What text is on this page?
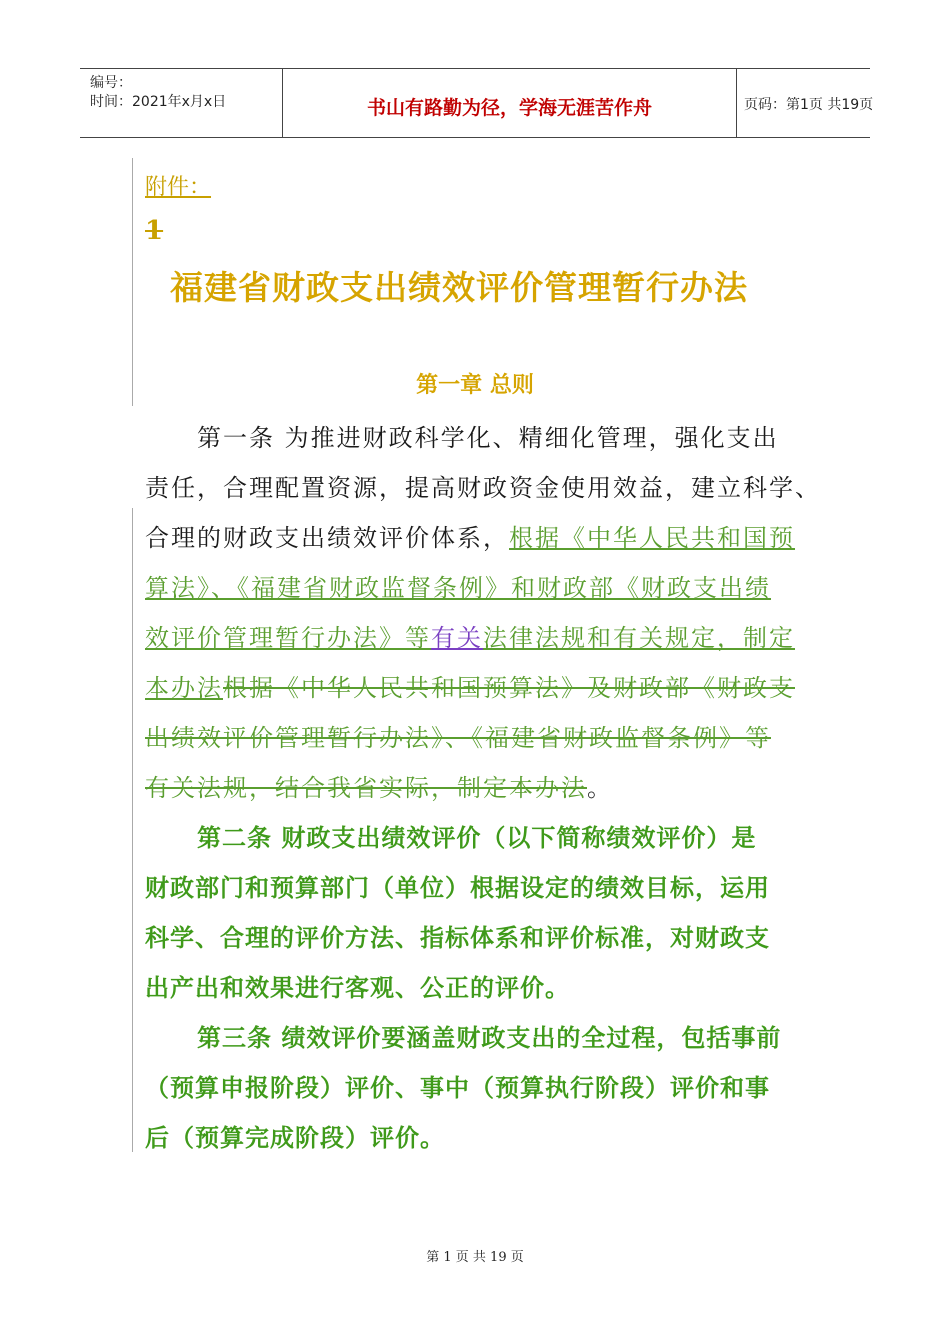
编号：
时间：2021年x月x日	书山有路勤为径，学海无涯苦作舟	页码：第1页 共19页
附件：
1
福建省财政支出绩效评价管理暂行办法
第一章 总则
第一条 为推进财政科学化、精细化管理，强化支出
责任，合理配置资源，提高财政资金使用效益，建立科学、
合理的财政支出绩效评价体系，根据《中华人民共和国预
算法》、《福建省财政监督条例》和财政部《财政支出绩
效评价管理暂行办法》等有关法律法规和有关规定，制定
本办法根据《中华人民共和国预算法》及财政部《财政支
出绩效评价管理暂行办法》、《福建省财政监督条例》等
有关法规，结合我省实际，制定本办法。
第二条 财政支出绩效评价（以下简称绩效评价）是
财政部门和预算部门（单位）根据设定的绩效目标，运用
科学、合理的评价方法、指标体系和评价标准，对财政支
出产出和效果进行客观、公正的评价。
第三条 绩效评价要涵盖财政支出的全过程，包括事前
（预算申报阶段）评价、事中（预算执行阶段）评价和事
后（预算完成阶段）评价。
第 1 页 共 19 页
